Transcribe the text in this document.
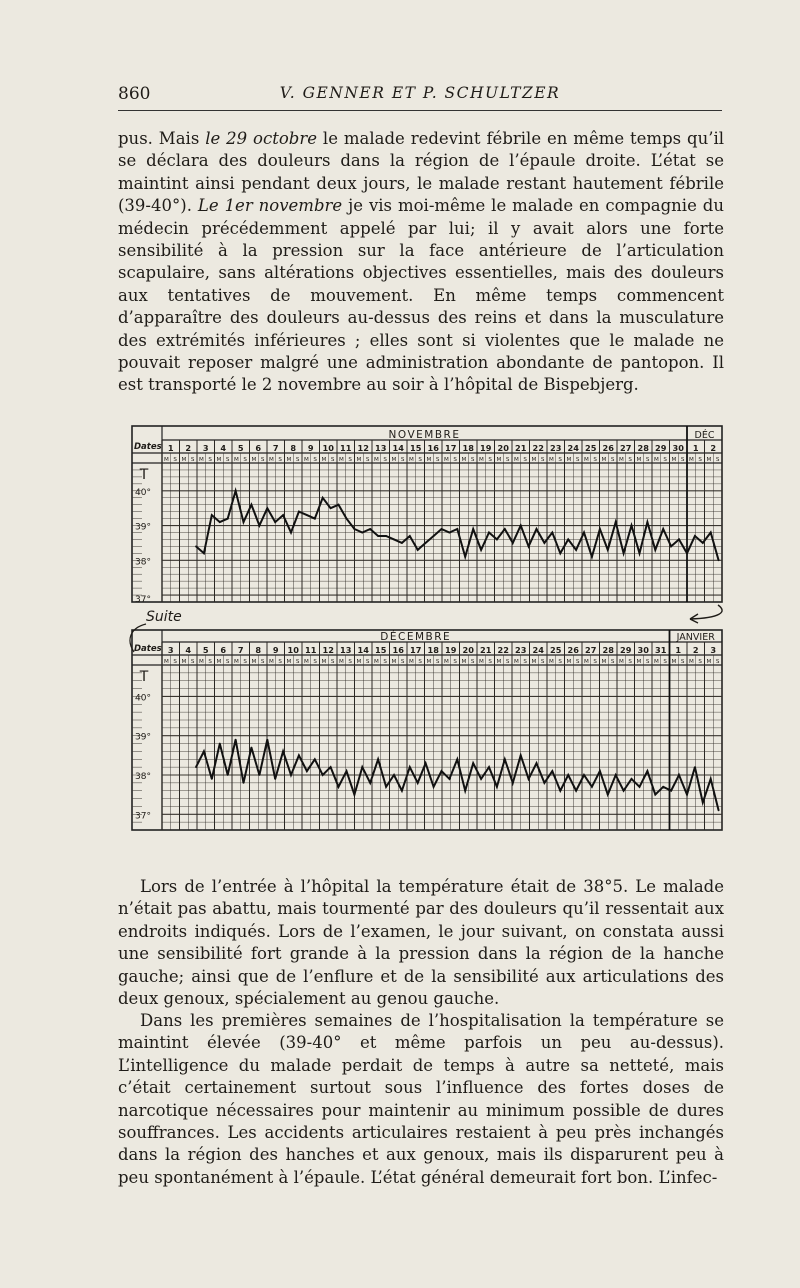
860	V. GENNER ET P. SCHULTZER

pus. Mais le 29 octobre le malade redevint fébrile en même temps qu’il se déclara des douleurs dans la région de l’épaule droite. L’état se maintint ainsi pendant deux jours, le malade restant hautement fébrile (39-40°). Le 1er novembre je vis moi-même le malade en compagnie du médecin précédemment appelé par lui; il y avait alors une forte sensibilité à la pression sur la face antérieure de l’articulation scapulaire, sans altérations objectives essentielles, mais des douleurs aux tentatives de mouvement. En même temps commencent d’apparaître des douleurs au-dessus des reins et dans la musculature des extrémités inférieures ; elles sont si violentes que le malade ne pouvait reposer malgré une administration abondante de pantopon. Il est transporté le 2 novembre au soir à l’hôpital de Bispebjerg.

NOVEMBRE	DÉC
1 2 3 4 5 6 7 8 9 10 11 12 13 14 15 16 17 18 19 20 21 22 23 24 25 26 27 28 29 30 1 2
M S M S M S M S M S M S M S M S M S M S M S M S M S M S M S M S M S M S M S M S M S M S M S M S M S M S M S M S M S M S M S M S
Dates
T
40°
39°
38°
37°
DÉCEMBRE	JANVIER
3 4 5 6 7 8 9 10 11 12 13 14 15 16 17 18 19 20 21 22 23 24 25 26 27 28 29 30 31 1 2 3
M S M S M S M S M S M S M S M S M S M S M S M S M S M S M S M S M S M S M S M S M S M S M S M S M S M S M S M S M S M S M S M S
Dates
T
40°
39°
38°
37°
Suite

Lors de l’entrée à l’hôpital la température était de 38°5. Le malade n’était pas abattu, mais tourmenté par des douleurs qu’il ressentait aux endroits indiqués. Lors de l’examen, le jour suivant, on constata aussi une sensibilité fort grande à la pression dans la région de la hanche gauche; ainsi que de l’enflure et de la sensibilité aux articulations des deux genoux, spécialement au genou gauche.

Dans les premières semaines de l’hospitalisation la température se maintint élevée (39-40° et même parfois un peu au-dessus). L’intelligence du malade perdait de temps à autre sa netteté, mais c’était certainement surtout sous l’influence des fortes doses de narcotique nécessaires pour maintenir au minimum possible de dures souffrances. Les accidents articulaires restaient à peu près inchangés dans la région des hanches et aux genoux, mais ils disparurent peu à peu spontanément à l’épaule. L’état général demeurait fort bon. L’infec-
